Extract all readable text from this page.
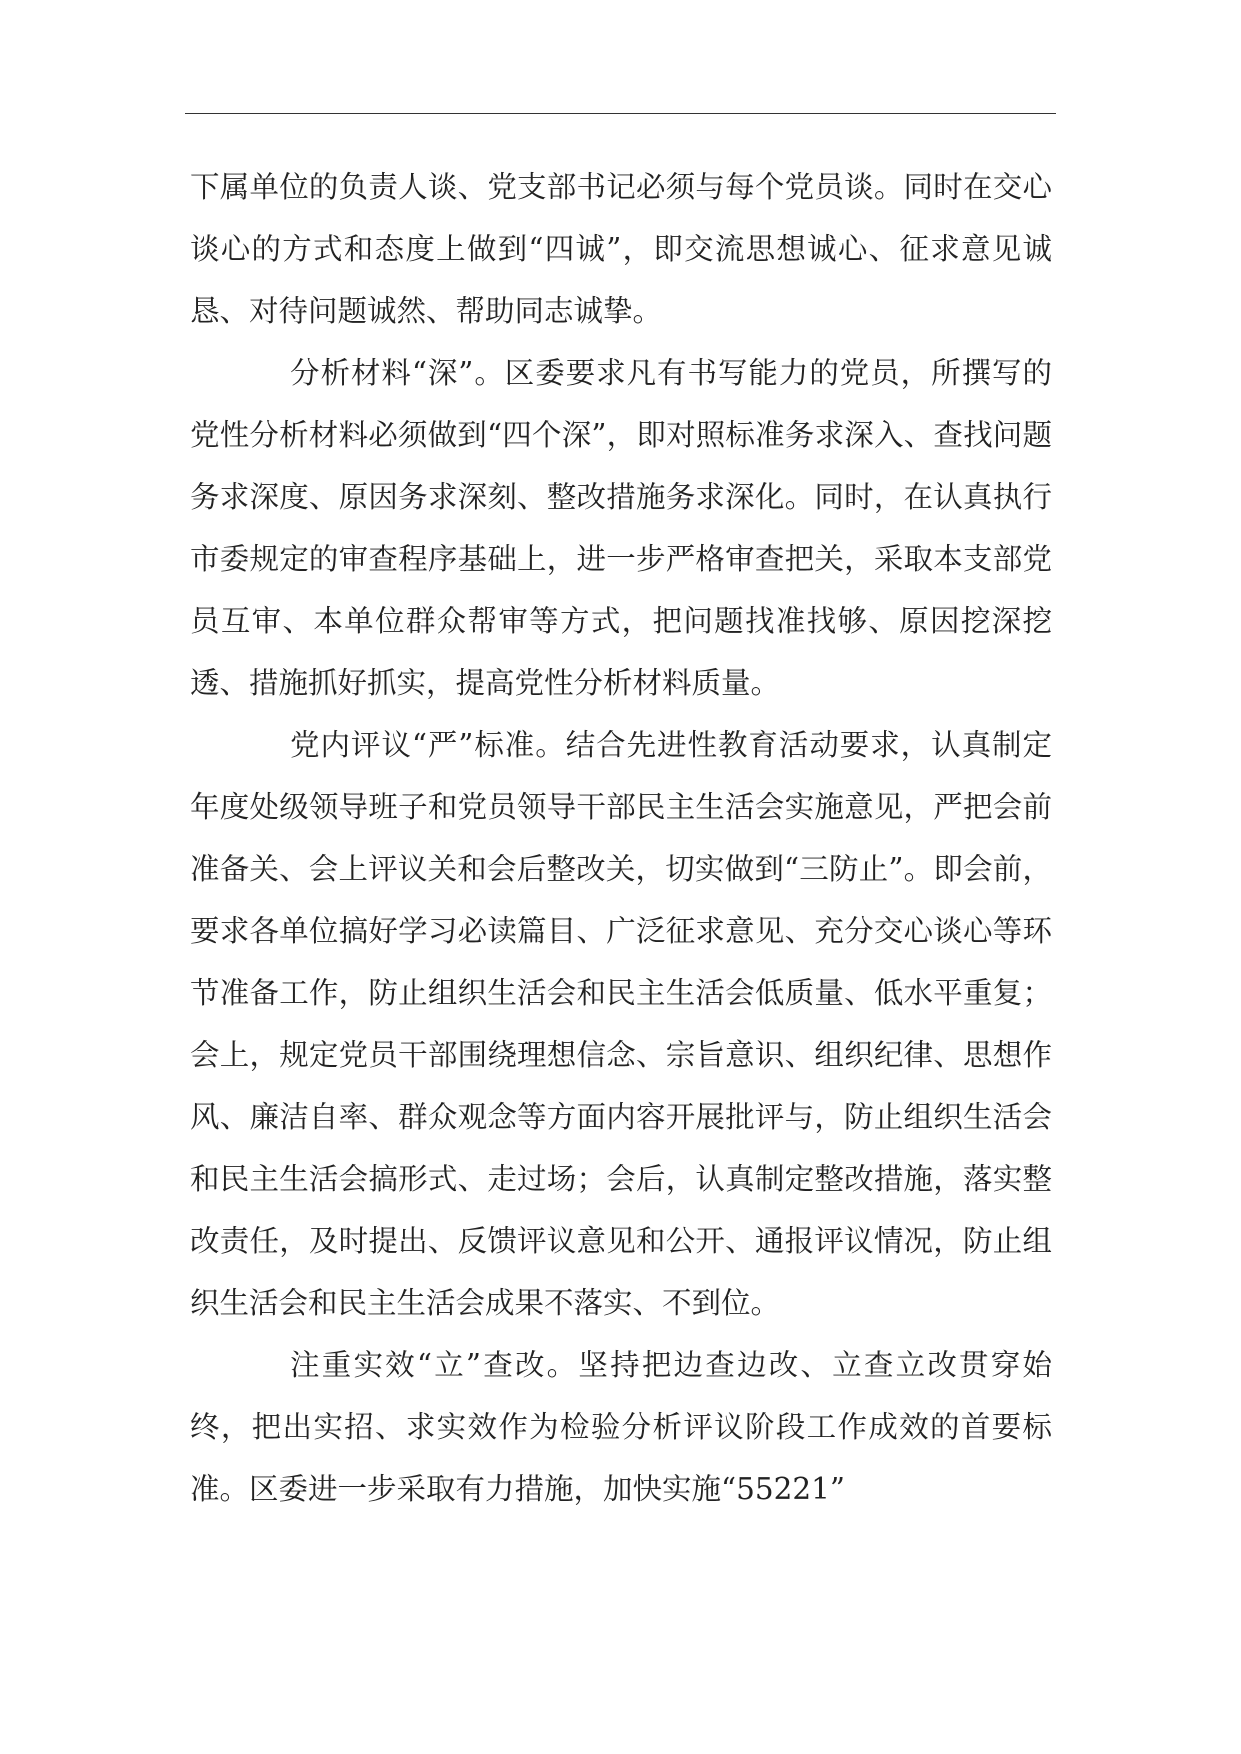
下属单位的负责人谈、党支部书记必须与每个党员谈。同时在交心谈心的方式和态度上做到“四诚”，即交流思想诚心、征求意见诚恳、对待问题诚然、帮助同志诚挚。

分析材料“深”。区委要求凡有书写能力的党员，所撰写的党性分析材料必须做到“四个深”，即对照标准务求深入、查找问题务求深度、原因务求深刻、整改措施务求深化。同时，在认真执行市委规定的审查程序基础上，进一步严格审查把关，采取本支部党员互审、本单位群众帮审等方式，把问题找准找够、原因挖深挖透、措施抓好抓实，提高党性分析材料质量。

党内评议“严”标准。结合先进性教育活动要求，认真制定年度处级领导班子和党员领导干部民主生活会实施意见，严把会前准备关、会上评议关和会后整改关，切实做到“三防止”。即会前，要求各单位搞好学习必读篇目、广泛征求意见、充分交心谈心等环节准备工作，防止组织生活会和民主生活会低质量、低水平重复；会上，规定党员干部围绕理想信念、宗旨意识、组织纪律、思想作风、廉洁自率、群众观念等方面内容开展批评与，防止组织生活会和民主生活会搞形式、走过场；会后，认真制定整改措施，落实整改责任，及时提出、反馈评议意见和公开、通报评议情况，防止组织生活会和民主生活会成果不落实、不到位。

注重实效“立”查改。坚持把边查边改、立查立改贯穿始终，把出实招、求实效作为检验分析评议阶段工作成效的首要标准。区委进一步采取有力措施，加快实施“55221”
